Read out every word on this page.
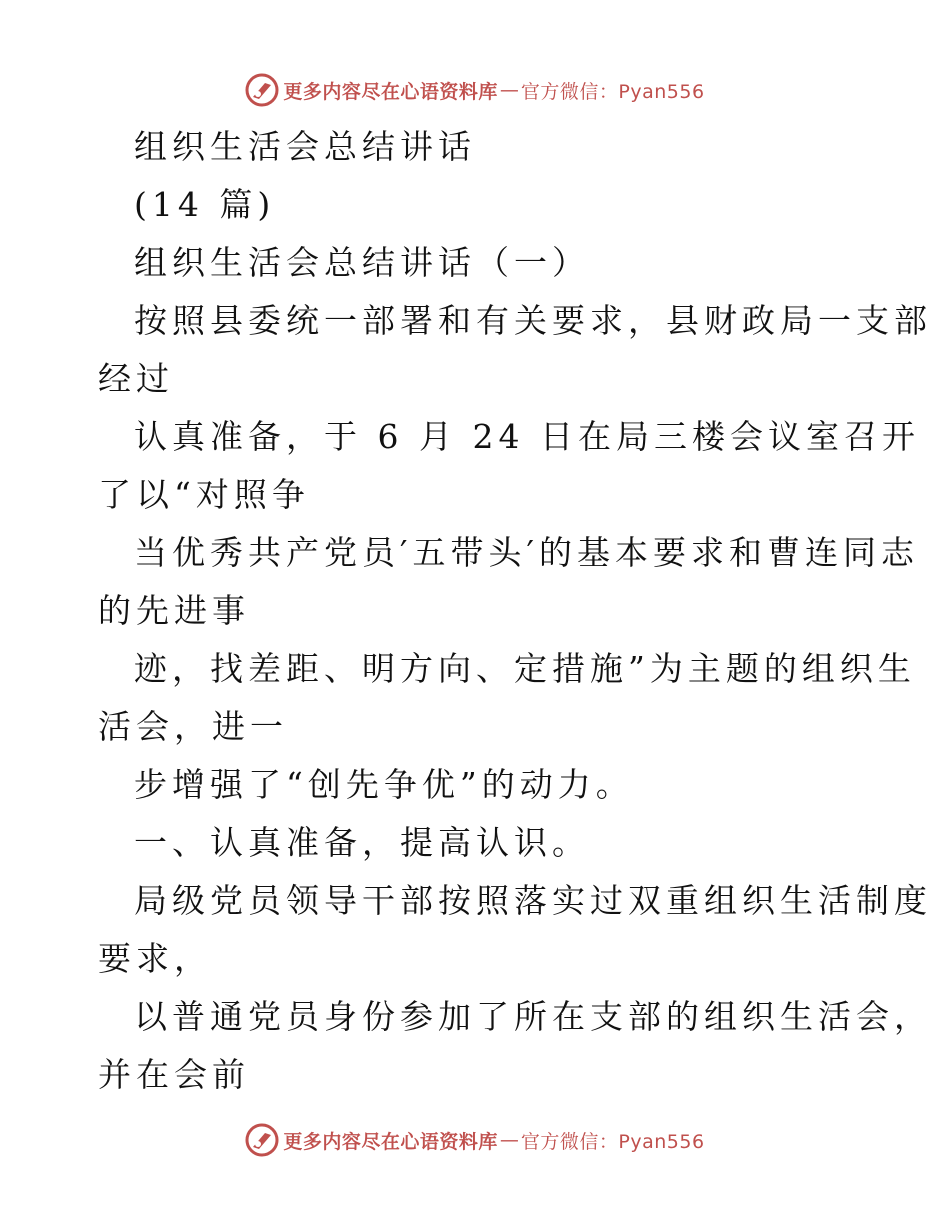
更多内容尽在心语资料库 — 官方微信：Pyan556
组织生活会总结讲话
(14 篇)
组织生活会总结讲话（一）
按照县委统一部署和有关要求，县财政局一支部
经过
认真准备，于 6 月 24 日在局三楼会议室召开
了以“对照争
当优秀共产党员′五带头′的基本要求和曹连同志
的先进事
迹，找差距、明方向、定措施”为主题的组织生
活会，进一
步增强了“创先争优”的动力。
一、认真准备，提高认识。
局级党员领导干部按照落实过双重组织生活制度
要求，
以普通党员身份参加了所在支部的组织生活会，
并在会前
更多内容尽在心语资料库 — 官方微信：Pyan556
